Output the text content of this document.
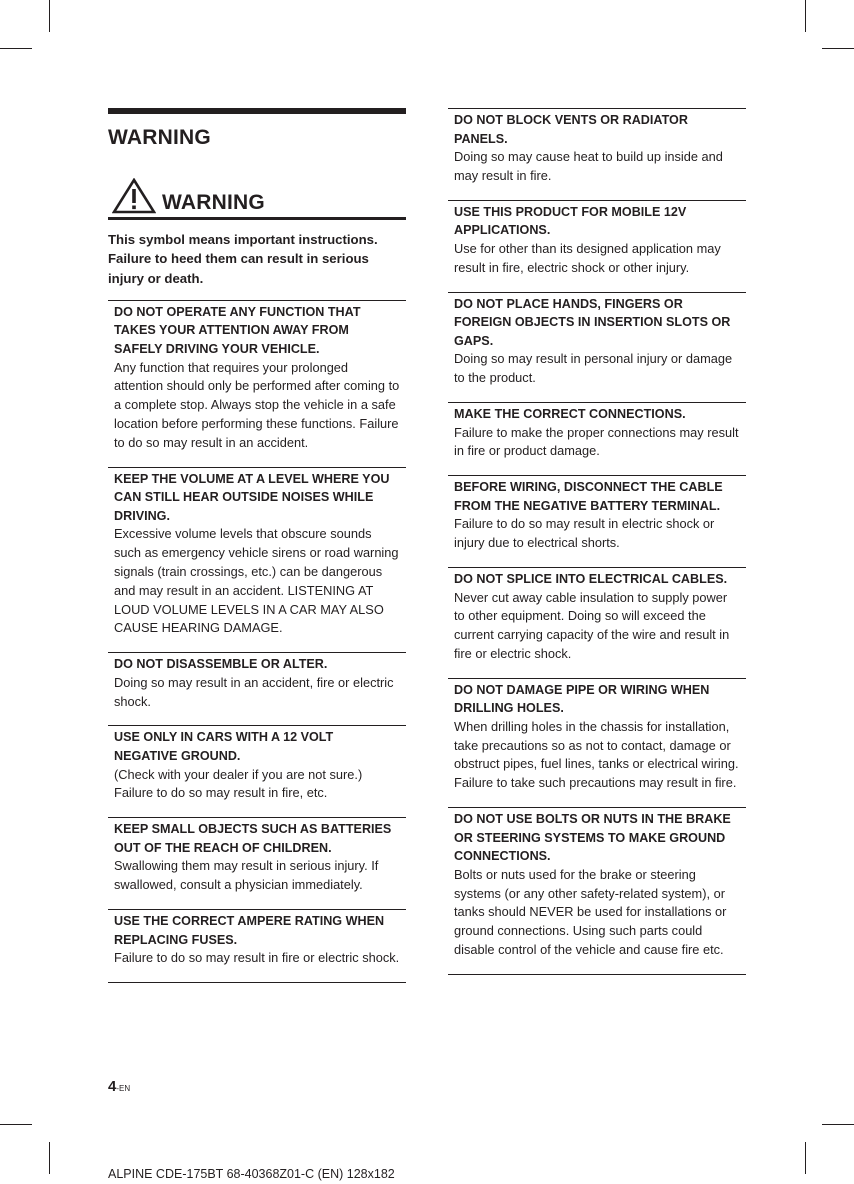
WARNING
WARNING
This symbol means important instructions. Failure to heed them can result in serious injury or death.
DO NOT OPERATE ANY FUNCTION THAT TAKES YOUR ATTENTION AWAY FROM SAFELY DRIVING YOUR VEHICLE.
Any function that requires your prolonged attention should only be performed after coming to a complete stop. Always stop the vehicle in a safe location before performing these functions. Failure to do so may result in an accident.
KEEP THE VOLUME AT A LEVEL WHERE YOU CAN STILL HEAR OUTSIDE NOISES WHILE DRIVING.
Excessive volume levels that obscure sounds such as emergency vehicle sirens or road warning signals (train crossings, etc.) can be dangerous and may result in an accident. LISTENING AT LOUD VOLUME LEVELS IN A CAR MAY ALSO CAUSE HEARING DAMAGE.
DO NOT DISASSEMBLE OR ALTER.
Doing so may result in an accident, fire or electric shock.
USE ONLY IN CARS WITH A 12 VOLT NEGATIVE GROUND.
(Check with your dealer if you are not sure.) Failure to do so may result in fire, etc.
KEEP SMALL OBJECTS SUCH AS BATTERIES OUT OF THE REACH OF CHILDREN.
Swallowing them may result in serious injury. If swallowed, consult a physician immediately.
USE THE CORRECT AMPERE RATING WHEN REPLACING FUSES.
Failure to do so may result in fire or electric shock.
DO NOT BLOCK VENTS OR RADIATOR PANELS.
Doing so may cause heat to build up inside and may result in fire.
USE THIS PRODUCT FOR MOBILE 12V APPLICATIONS.
Use for other than its designed application may result in fire, electric shock or other injury.
DO NOT PLACE HANDS, FINGERS OR FOREIGN OBJECTS IN INSERTION SLOTS OR GAPS.
Doing so may result in personal injury or damage to the product.
MAKE THE CORRECT CONNECTIONS.
Failure to make the proper connections may result in fire or product damage.
BEFORE WIRING, DISCONNECT THE CABLE FROM THE NEGATIVE BATTERY TERMINAL.
Failure to do so may result in electric shock or injury due to electrical shorts.
DO NOT SPLICE INTO ELECTRICAL CABLES.
Never cut away cable insulation to supply power to other equipment. Doing so will exceed the current carrying capacity of the wire and result in fire or electric shock.
DO NOT DAMAGE PIPE OR WIRING WHEN DRILLING HOLES.
When drilling holes in the chassis for installation, take precautions so as not to contact, damage or obstruct pipes, fuel lines, tanks or electrical wiring. Failure to take such precautions may result in fire.
DO NOT USE BOLTS OR NUTS IN THE BRAKE OR STEERING SYSTEMS TO MAKE GROUND CONNECTIONS.
Bolts or nuts used for the brake or steering systems (or any other safety-related system), or tanks should NEVER be used for installations or ground connections. Using such parts could disable control of the vehicle and cause fire etc.
4-EN
ALPINE CDE-175BT 68-40368Z01-C (EN) 128x182
